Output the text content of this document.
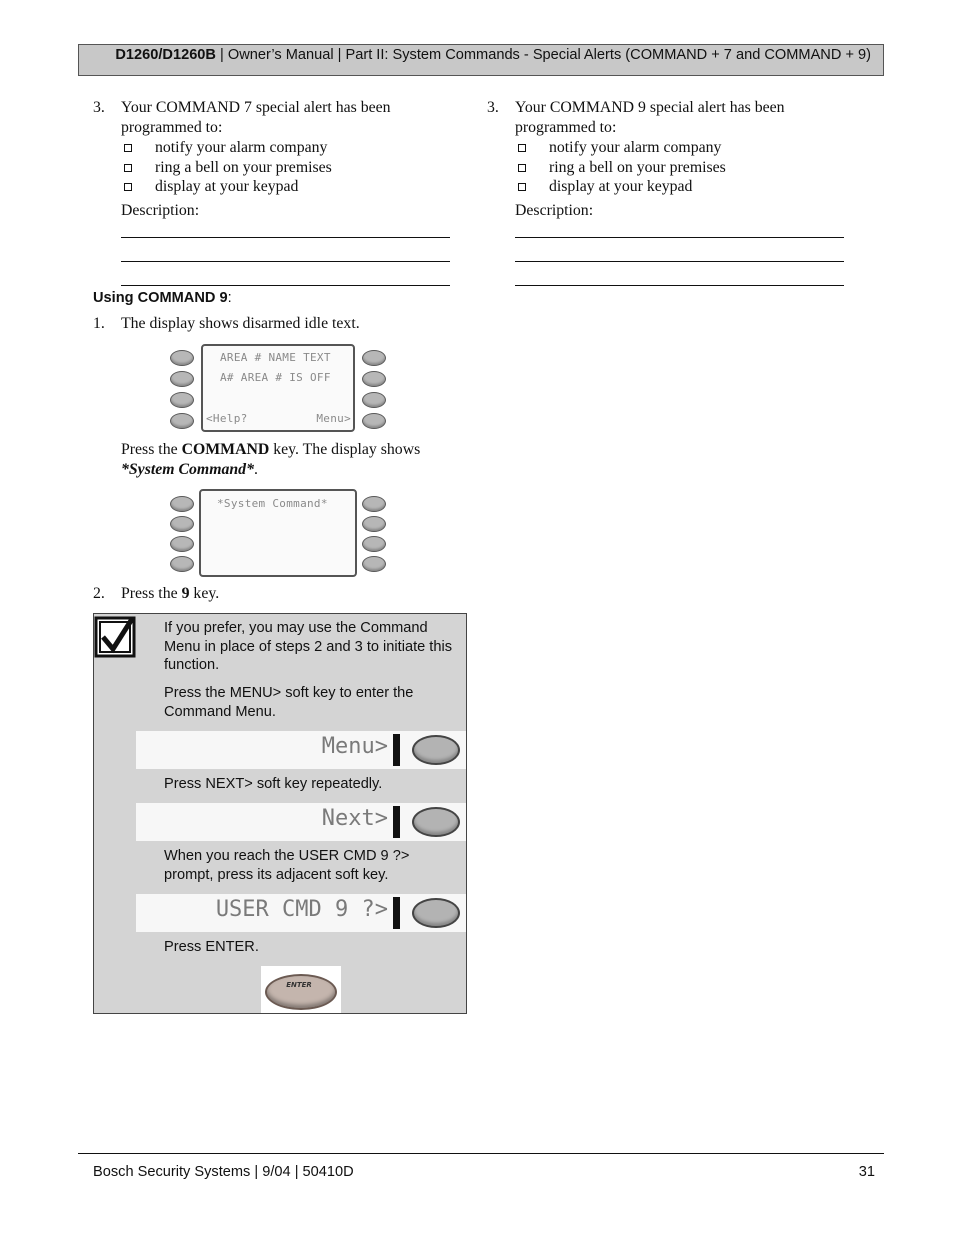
D1260/D1260B | Owner’s Manual | Part II: System Commands - Special Alerts (COMMAND + 7 and COMMAND + 9)
3. Your COMMAND 7 special alert has been programmed to:
notify your alarm company
ring a bell on your premises
display at your keypad
Description:
3. Your COMMAND 9 special alert has been programmed to:
notify your alarm company
ring a bell on your premises
display at your keypad
Description:
Using COMMAND 9:
1. The display shows disarmed idle text.
AREA # NAME TEXT
A# AREA # IS OFF
<Help?	Menu>
Press the COMMAND key. The display shows
*System Command*.
*System Command*
2. Press the 9 key.
If you prefer, you may use the Command Menu in place of steps 2 and 3 to initiate this function.
Press the MENU> soft key to enter the Command Menu.
Menu>
Press NEXT> soft key repeatedly.
Next>
When you reach the USER CMD 9 ?> prompt, press its adjacent soft key.
USER CMD 9 ?>
Press ENTER.
ENTER
Bosch Security Systems | 9/04 | 50410D	31
